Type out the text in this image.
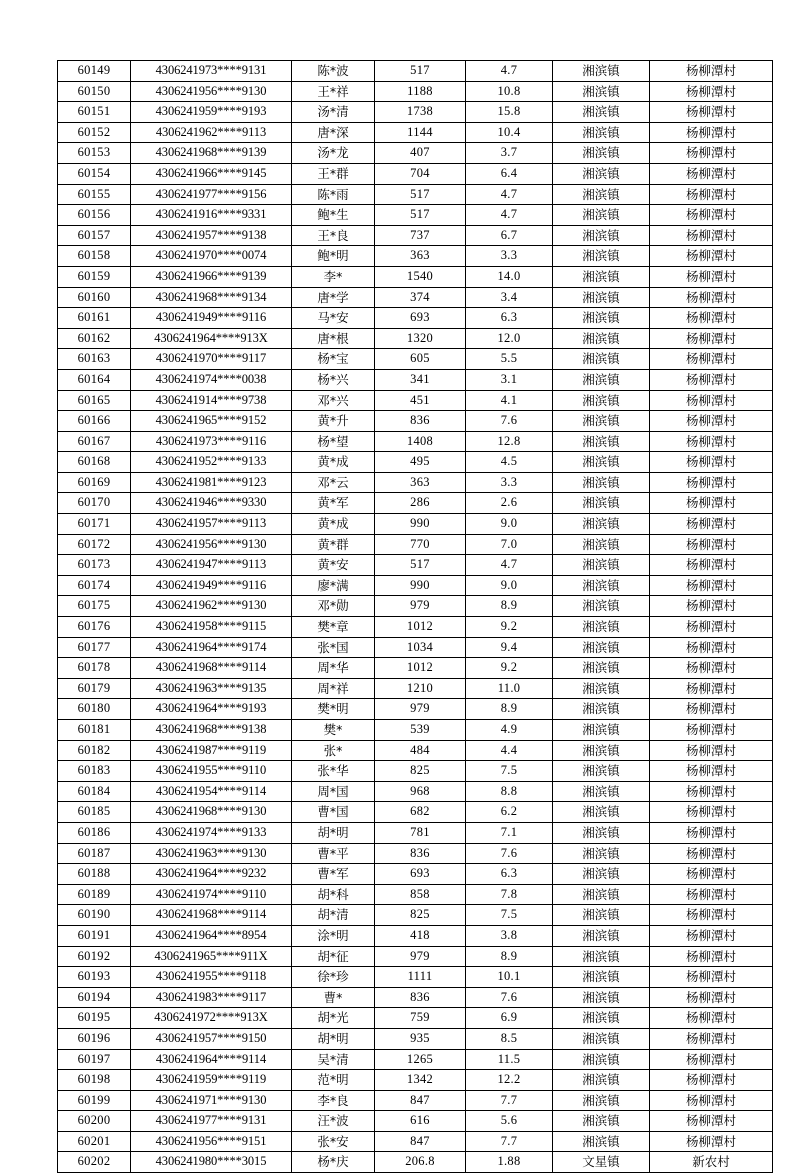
60149	4306241973****9131	陈*波	517	4.7	湘滨镇	杨柳潭村
60150	4306241956****9130	王*祥	1188	10.8	湘滨镇	杨柳潭村
60151	4306241959****9193	汤*清	1738	15.8	湘滨镇	杨柳潭村
60152	4306241962****9113	唐*深	1144	10.4	湘滨镇	杨柳潭村
60153	4306241968****9139	汤*龙	407	3.7	湘滨镇	杨柳潭村
60154	4306241966****9145	王*群	704	6.4	湘滨镇	杨柳潭村
60155	4306241977****9156	陈*雨	517	4.7	湘滨镇	杨柳潭村
60156	4306241916****9331	鲍*生	517	4.7	湘滨镇	杨柳潭村
60157	4306241957****9138	王*良	737	6.7	湘滨镇	杨柳潭村
60158	4306241970****0074	鲍*明	363	3.3	湘滨镇	杨柳潭村
60159	4306241966****9139	李*	1540	14.0	湘滨镇	杨柳潭村
60160	4306241968****9134	唐*学	374	3.4	湘滨镇	杨柳潭村
60161	4306241949****9116	马*安	693	6.3	湘滨镇	杨柳潭村
60162	4306241964****913X	唐*根	1320	12.0	湘滨镇	杨柳潭村
60163	4306241970****9117	杨*宝	605	5.5	湘滨镇	杨柳潭村
60164	4306241974****0038	杨*兴	341	3.1	湘滨镇	杨柳潭村
60165	4306241914****9738	邓*兴	451	4.1	湘滨镇	杨柳潭村
60166	4306241965****9152	黄*升	836	7.6	湘滨镇	杨柳潭村
60167	4306241973****9116	杨*望	1408	12.8	湘滨镇	杨柳潭村
60168	4306241952****9133	黄*成	495	4.5	湘滨镇	杨柳潭村
60169	4306241981****9123	邓*云	363	3.3	湘滨镇	杨柳潭村
60170	4306241946****9330	黄*军	286	2.6	湘滨镇	杨柳潭村
60171	4306241957****9113	黄*成	990	9.0	湘滨镇	杨柳潭村
60172	4306241956****9130	黄*群	770	7.0	湘滨镇	杨柳潭村
60173	4306241947****9113	黄*安	517	4.7	湘滨镇	杨柳潭村
60174	4306241949****9116	廖*满	990	9.0	湘滨镇	杨柳潭村
60175	4306241962****9130	邓*勋	979	8.9	湘滨镇	杨柳潭村
60176	4306241958****9115	樊*章	1012	9.2	湘滨镇	杨柳潭村
60177	4306241964****9174	张*国	1034	9.4	湘滨镇	杨柳潭村
60178	4306241968****9114	周*华	1012	9.2	湘滨镇	杨柳潭村
60179	4306241963****9135	周*祥	1210	11.0	湘滨镇	杨柳潭村
60180	4306241964****9193	樊*明	979	8.9	湘滨镇	杨柳潭村
60181	4306241968****9138	樊*	539	4.9	湘滨镇	杨柳潭村
60182	4306241987****9119	张*	484	4.4	湘滨镇	杨柳潭村
60183	4306241955****9110	张*华	825	7.5	湘滨镇	杨柳潭村
60184	4306241954****9114	周*国	968	8.8	湘滨镇	杨柳潭村
60185	4306241968****9130	曹*国	682	6.2	湘滨镇	杨柳潭村
60186	4306241974****9133	胡*明	781	7.1	湘滨镇	杨柳潭村
60187	4306241963****9130	曹*平	836	7.6	湘滨镇	杨柳潭村
60188	4306241964****9232	曹*军	693	6.3	湘滨镇	杨柳潭村
60189	4306241974****9110	胡*科	858	7.8	湘滨镇	杨柳潭村
60190	4306241968****9114	胡*清	825	7.5	湘滨镇	杨柳潭村
60191	4306241964****8954	涂*明	418	3.8	湘滨镇	杨柳潭村
60192	4306241965****911X	胡*征	979	8.9	湘滨镇	杨柳潭村
60193	4306241955****9118	徐*珍	1111	10.1	湘滨镇	杨柳潭村
60194	4306241983****9117	曹*	836	7.6	湘滨镇	杨柳潭村
60195	4306241972****913X	胡*光	759	6.9	湘滨镇	杨柳潭村
60196	4306241957****9150	胡*明	935	8.5	湘滨镇	杨柳潭村
60197	4306241964****9114	吴*清	1265	11.5	湘滨镇	杨柳潭村
60198	4306241959****9119	范*明	1342	12.2	湘滨镇	杨柳潭村
60199	4306241971****9130	李*良	847	7.7	湘滨镇	杨柳潭村
60200	4306241977****9131	汪*波	616	5.6	湘滨镇	杨柳潭村
60201	4306241956****9151	张*安	847	7.7	湘滨镇	杨柳潭村
60202	4306241980****3015	杨*庆	206.8	1.88	文星镇	新农村
